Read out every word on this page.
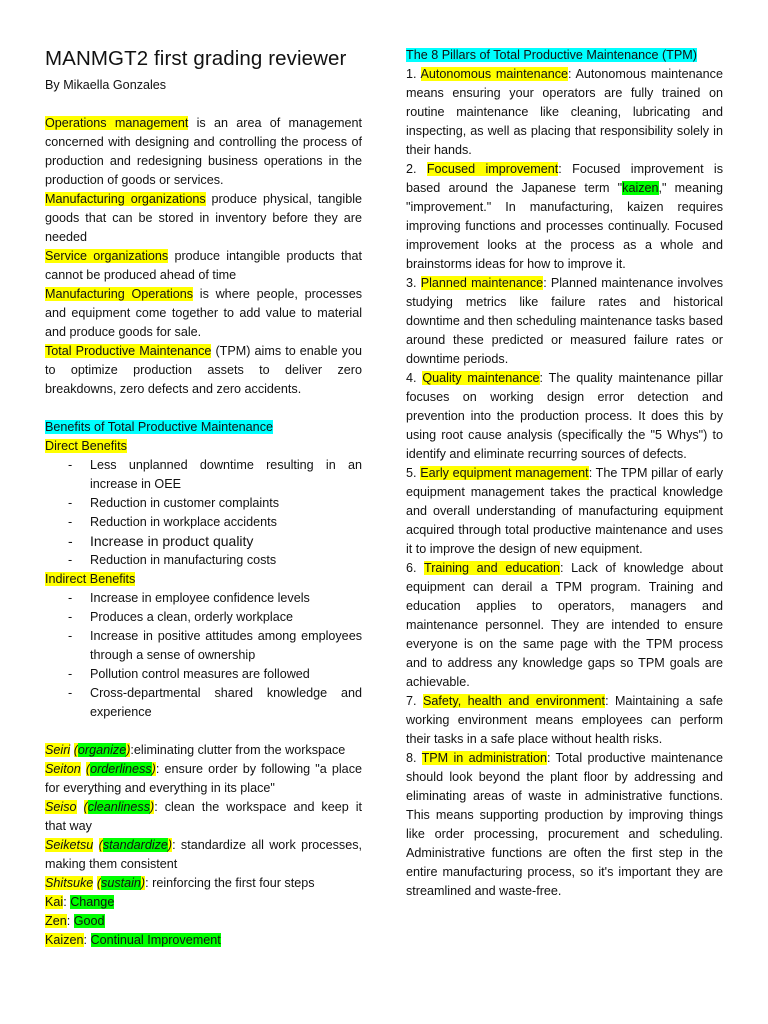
MANMGT2 first grading reviewer

By Mikaella Gonzales

Operations management is an area of management concerned with designing and controlling the process of production and redesigning business operations in the production of goods or services.

Manufacturing organizations produce physical, tangible goods that can be stored in inventory before they are needed

Service organizations produce intangible products that cannot be produced ahead of time

Manufacturing Operations is where people, processes and equipment come together to add value to material and produce goods for sale.

Total Productive Maintenance (TPM) aims to enable you to optimize production assets to deliver zero breakdowns, zero defects and zero accidents.

Benefits of Total Productive Maintenance

Direct Benefits

- Less unplanned downtime resulting in an increase in OEE
- Reduction in customer complaints
- Reduction in workplace accidents
- Increase in product quality
- Reduction in manufacturing costs

Indirect Benefits

- Increase in employee confidence levels
- Produces a clean, orderly workplace
- Increase in positive attitudes among employees through a sense of ownership
- Pollution control measures are followed
- Cross-departmental shared knowledge and experience

Seiri (organize):eliminating clutter from the workspace

Seiton (orderliness): ensure order by following "a place for everything and everything in its place"

Seiso (cleanliness): clean the workspace and keep it that way

Seiketsu (standardize): standardize all work processes, making them consistent

Shitsuke (sustain): reinforcing the first four steps

Kai: Change

Zen: Good

Kaizen: Continual Improvement

The 8 Pillars of Total Productive Maintenance (TPM)

1. Autonomous maintenance: Autonomous maintenance means ensuring your operators are fully trained on routine maintenance like cleaning, lubricating and inspecting, as well as placing that responsibility solely in their hands.

2. Focused improvement: Focused improvement is based around the Japanese term "kaizen," meaning "improvement." In manufacturing, kaizen requires improving functions and processes continually. Focused improvement looks at the process as a whole and brainstorms ideas for how to improve it.

3. Planned maintenance: Planned maintenance involves studying metrics like failure rates and historical downtime and then scheduling maintenance tasks based around these predicted or measured failure rates or downtime periods.

4. Quality maintenance: The quality maintenance pillar focuses on working design error detection and prevention into the production process. It does this by using root cause analysis (specifically the "5 Whys") to identify and eliminate recurring sources of defects.

5. Early equipment management: The TPM pillar of early equipment management takes the practical knowledge and overall understanding of manufacturing equipment acquired through total productive maintenance and uses it to improve the design of new equipment.

6. Training and education: Lack of knowledge about equipment can derail a TPM program. Training and education applies to operators, managers and maintenance personnel. They are intended to ensure everyone is on the same page with the TPM process and to address any knowledge gaps so TPM goals are achievable.

7. Safety, health and environment: Maintaining a safe working environment means employees can perform their tasks in a safe place without health risks.

8. TPM in administration: Total productive maintenance should look beyond the plant floor by addressing and eliminating areas of waste in administrative functions. This means supporting production by improving things like order processing, procurement and scheduling. Administrative functions are often the first step in the entire manufacturing process, so it's important they are streamlined and waste-free.
